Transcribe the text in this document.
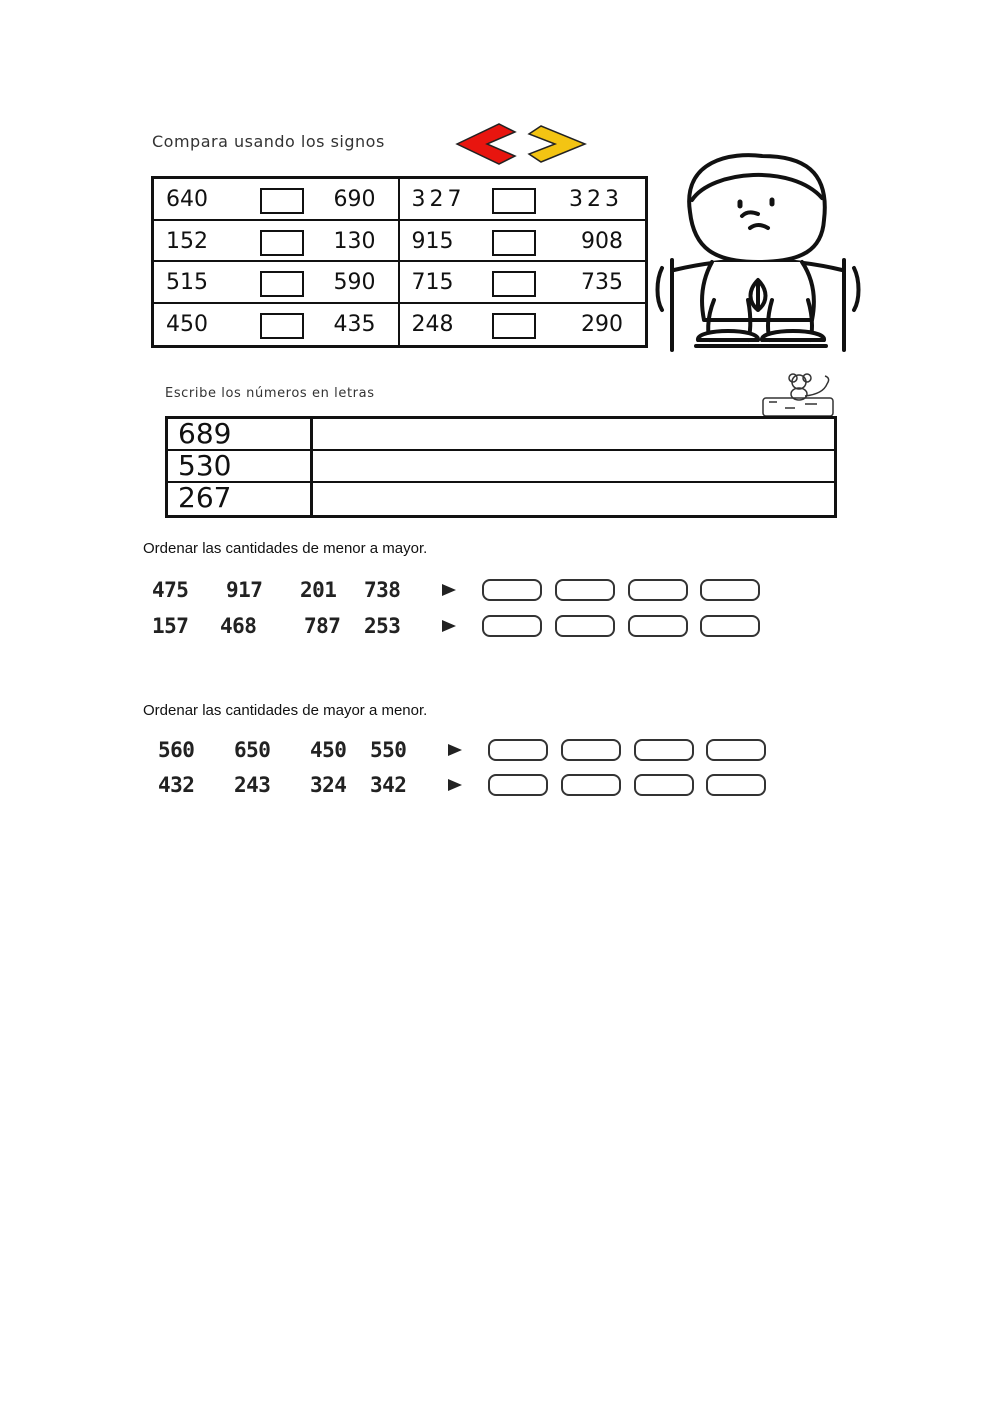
Compara usando los signos
640	690 327	323
152	130 915	908
515	590 715	735
450	435 248	290
Escribe los números en letras
689
530
267
Ordenar las cantidades de menor a mayor.
475 917 201 738
157 468 787 253
Ordenar las cantidades de mayor a menor.
560 650 450 550
432 243 324 342
